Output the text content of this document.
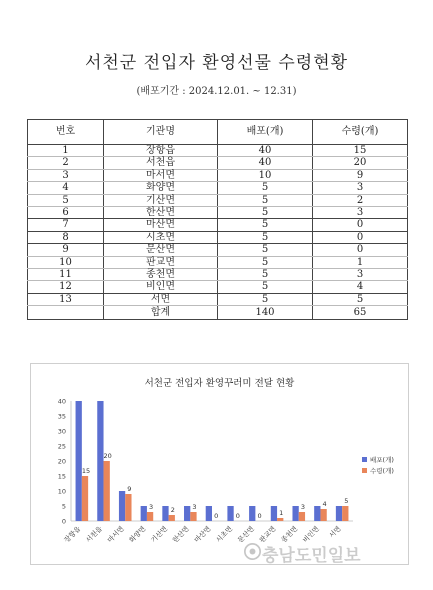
서천군 전입자 환영선물 수령현황
(배포기간 : 2024.12.01. ~ 12.31)
번호	기관명	배포(개)	수령(개)
1	장항읍	40	15
2	서천읍	40	20
3	마서면	10	9
4	화양면	5	3
5	기산면	5	2
6	한산면	5	3
7	마산면	5	0
8	시초면	5	0
9	문산면	5	0
10	판교면	5	1
11	종천면	5	3
12	비인면	5	4
13	서면	5	5
	합계	140	65
서천군 전입자 환영꾸러미 전달 현황
0
5
10
15
20
25
30
35
40
15
장항읍
20
서천읍
9
마서면
3
화양면
2
기산면
3
한산면
0
마산면
0
시초면
0
문산면
1
판교면
3
종천면
4
비인면
5
서면
배포(개)
수령(개)
충남도민일보
